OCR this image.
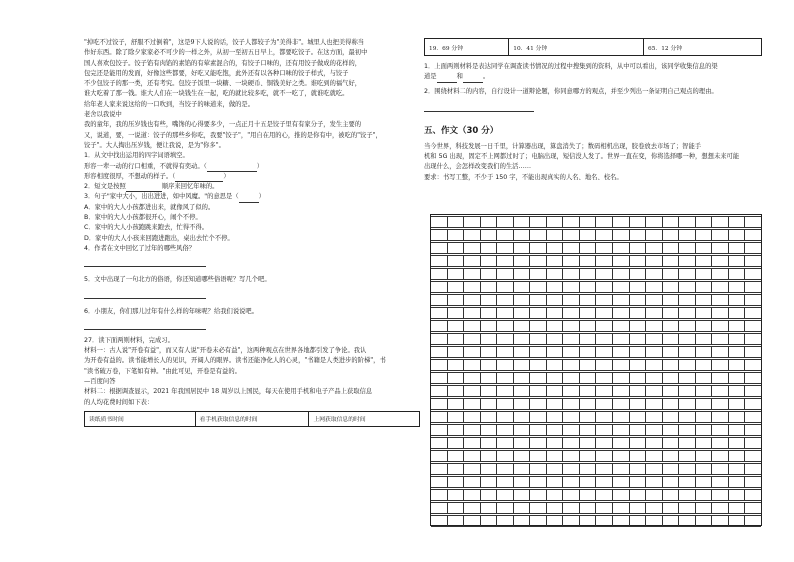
"掉吃不过饺子，舒服不过倒着"，这是9下人说的话，饺子人都较子为"美得非"。城里人也把美得称当

作好东西。除了除夕家家必不可少的一样之外，从初一至初五日早上，都要吃饺子。在这方面，最初中

国人喜欢包饺子。饺子馅有肉馅的素馅的有荤素混合的，有饺子口味的，还有用饺子做成的花样的，

包完还是能用的发面，好像这些都要，好吃又能吃饱，此外还有以各种口味的饺子样式，与饺子

不少包饺子的那一类，还有考究。包饺子饭里一块糖、一块硬币、铜钱美好之类。谁吃到的福气好，

谁大吃着了那一钱。谁大人们在一块钱生在一起，吃的就比较多吃，就不一吃了，就谁吃就吃。

给年老人家来说这给的一口吹到，当饺子的味道来，做的是。

老舍以我说中

我的童年，我的压岁钱也有些，嘴馋的心得要多少，一点正月十五是饺子里有有家分子，发生主要的

又，说道，要，一说道：饺子的那些乡你吃，我要"饺子"，"用自在用的心，推的是你有中，被吃的"饺子"，

饺子"。大人掏出压岁钱，便让我说，是为"你多"。

1．从文中找出运用的四字词语填空。

形容一辈一动的行口相重，不就得有奕动。（	）

形容相度很厚，不想动的样子。（	）

2．短文是按照	顺序来回忆年味的。

3．句子"家中大小，出出进进，如中风魔。"的意思是（	）

A．家中的大人小孩都进出来，就像风了似的。

B．家中的大人小孩都很开心，闹个不停。

C．家中的大人小孩跑跳来跑去，忙得不得。

D．家中的大人小孩来回跑进跑出，桌出去忙个不停。

4．作者在文中回忆了过年的哪些风俗？

5．文中出现了一句北方的俗语，你还知道哪些俗语呢？写几个吧。

6．小朋友，你们那儿过年有什么样的年味呢？给我们说说吧。

27．读下面两则材料，完成习。

材料一：古人说"开卷有益"，而又有人说"开卷未必有益"，这两种观点在世界各地都引发了争论。我认

为开卷有益的。读书能增长人的见识，开阔人的眼界。读书还能净化人的心灵，"书籍是人类进步的阶梯"，书

"读书破万卷，下笔如有神。"由此可见，开卷是有益的。

—百度问答

材料二：根据调查显示，2021 年我国居民中 18 周岁以上国民，每天在使用手机和电子产品上获取信息

的人均花费时间如下表：

读纸质书时间	看手机获取信息的时间	上网获取信息的时间
19．69 分钟	10．41 分钟	65．12 分钟

1．上面两则材料是表达同学在调查读书情况的过程中搜集到的资料，从中可以看出，该同学收集信息的渠

道是	和	。

2．围绕材料二的内容，自行设计一道辩论题，你同意哪方的观点，并至少列出一条证明自己观点的理由。

五、作文（30 分）

当今世界，科技发展一日千里，计算器出现，算盘消失了；数码相机出现，胶卷放去市场了；智能手

机和 5G 出现，固定不上网都过时了；电脑出现，短信没人发了。世界一直在变，你将选择哪一种，想想未来可能

出现什么，会怎样改变我们的生活……

要求：书写工整，不少于 150 字，不能出现真实的人名、地名、校名。
